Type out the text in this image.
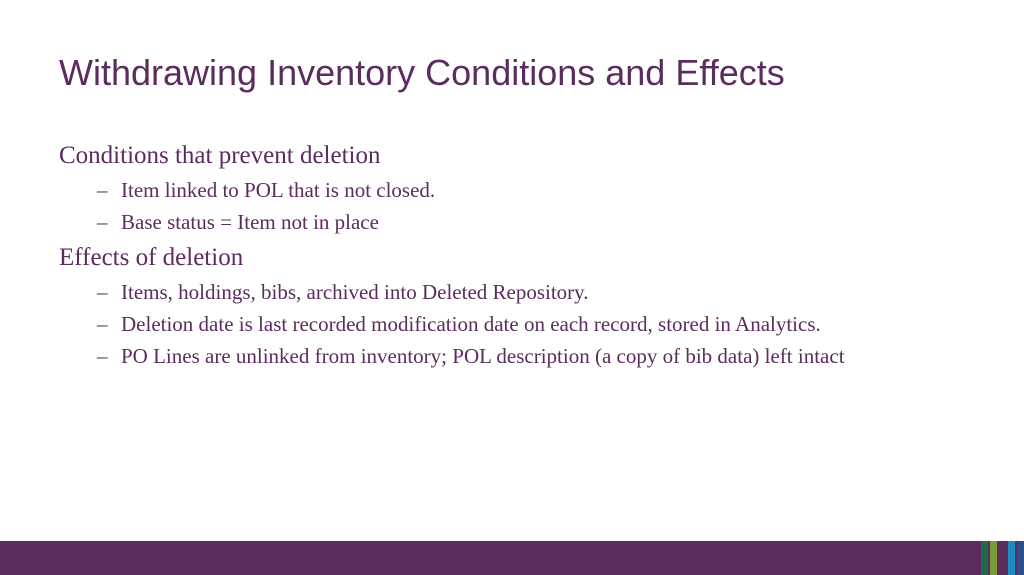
Withdrawing Inventory Conditions and Effects

Conditions that prevent deletion

– Item linked to POL that is not closed.
– Base status = Item not in place

Effects of deletion

– Items, holdings, bibs, archived into Deleted Repository.
– Deletion date is last recorded modification date on each record, stored in Analytics.
– PO Lines are unlinked from inventory; POL description (a copy of bib data) left intact
